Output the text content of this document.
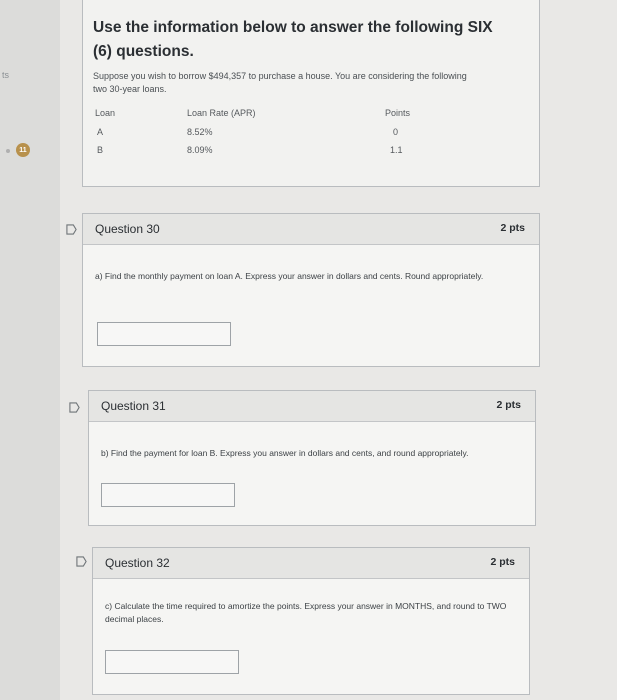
ts
11
Use the information below to answer the following SIX (6) questions.
Suppose you wish to borrow $494,357 to purchase a house. You are considering the following two 30-year loans.
Loan	Loan Rate (APR)	Points
A	8.52%	0
B	8.09%	1.1
Question 30	2 pts
a) Find the monthly payment on loan A. Express your answer in dollars and cents. Round appropriately.
Question 31	2 pts
b) Find the payment for loan B. Express you answer in dollars and cents, and round appropriately.
Question 32	2 pts
c) Calculate the time required to amortize the points. Express your answer in MONTHS, and round to TWO decimal places.
